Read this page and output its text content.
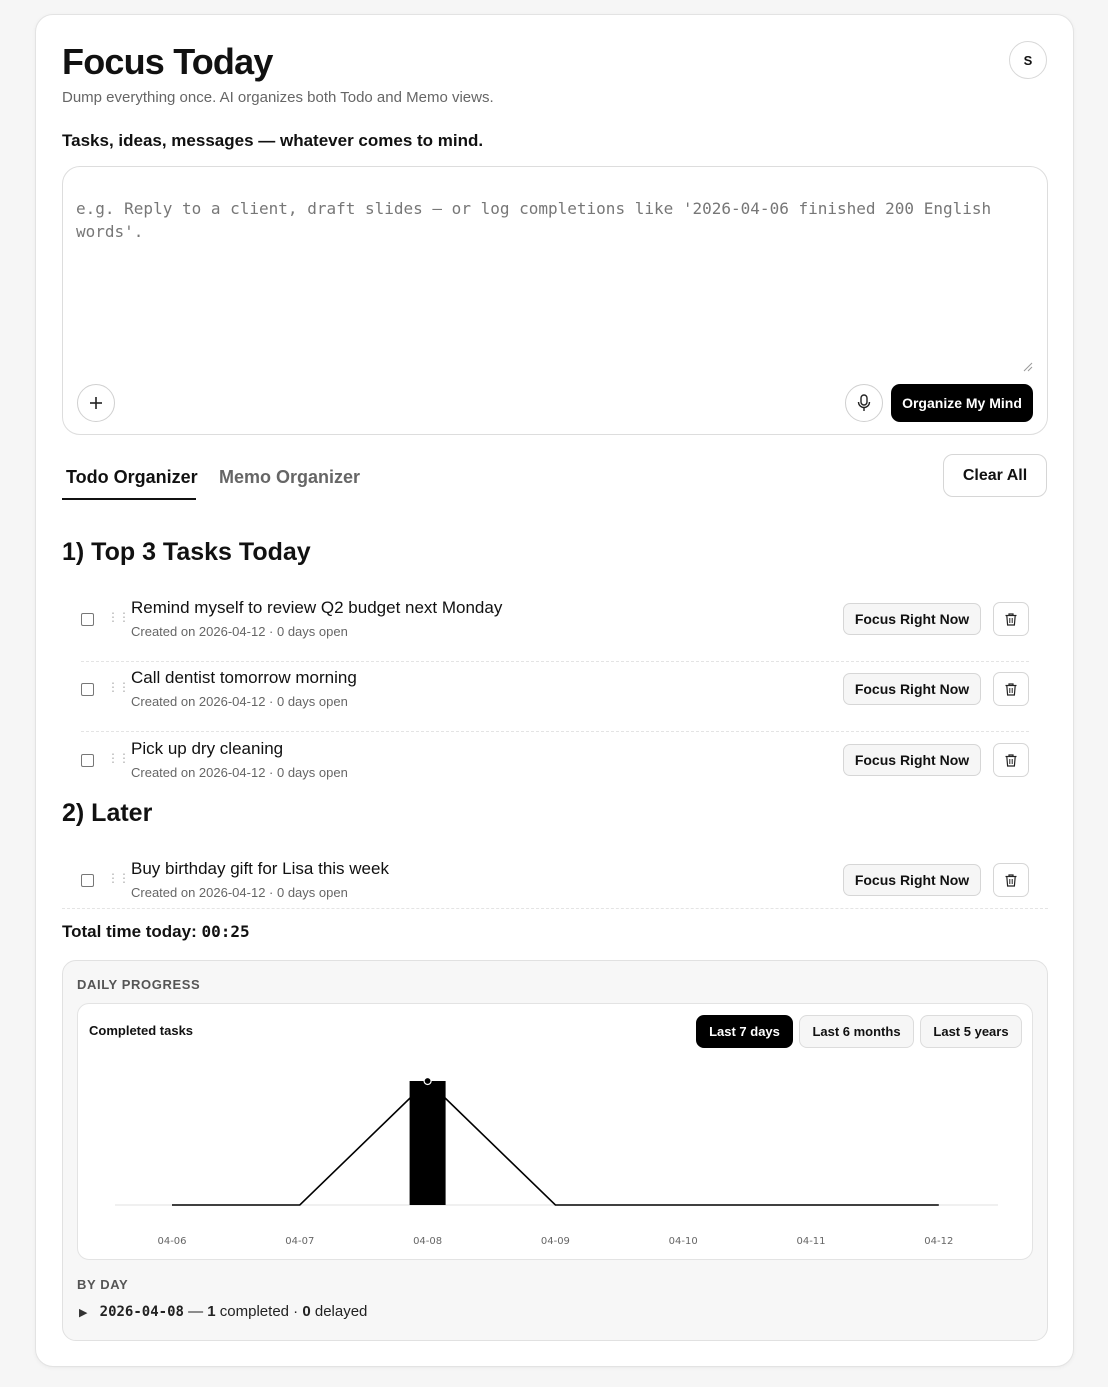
Focus Today
Dump everything once. AI organizes both Todo and Memo views.
S
Tasks, ideas, messages — whatever comes to mind.
e.g. Reply to a client, draft slides — or log completions like '2026-04-06 finished 200 English words'.
Organize My Mind
Todo Organizer Memo Organizer	Clear All
1) Top 3 Tasks Today
⋮⋮ Remind myself to review Q2 budget next Monday
Created on 2026-04-12 · 0 days open
Focus Right Now
⋮⋮ Call dentist tomorrow morning
Created on 2026-04-12 · 0 days open
Focus Right Now
⋮⋮ Pick up dry cleaning
Created on 2026-04-12 · 0 days open
Focus Right Now
2) Later
⋮⋮ Buy birthday gift for Lisa this week
Created on 2026-04-12 · 0 days open
Focus Right Now
Total time today: 00:25
DAILY PROGRESS
Completed tasks	Last 7 days	Last 6 months	Last 5 years
04-06	04-07	04-08	04-09	04-10	04-11	04-12
BY DAY
▶ 2026-04-08 — 1 completed · 0 delayed
